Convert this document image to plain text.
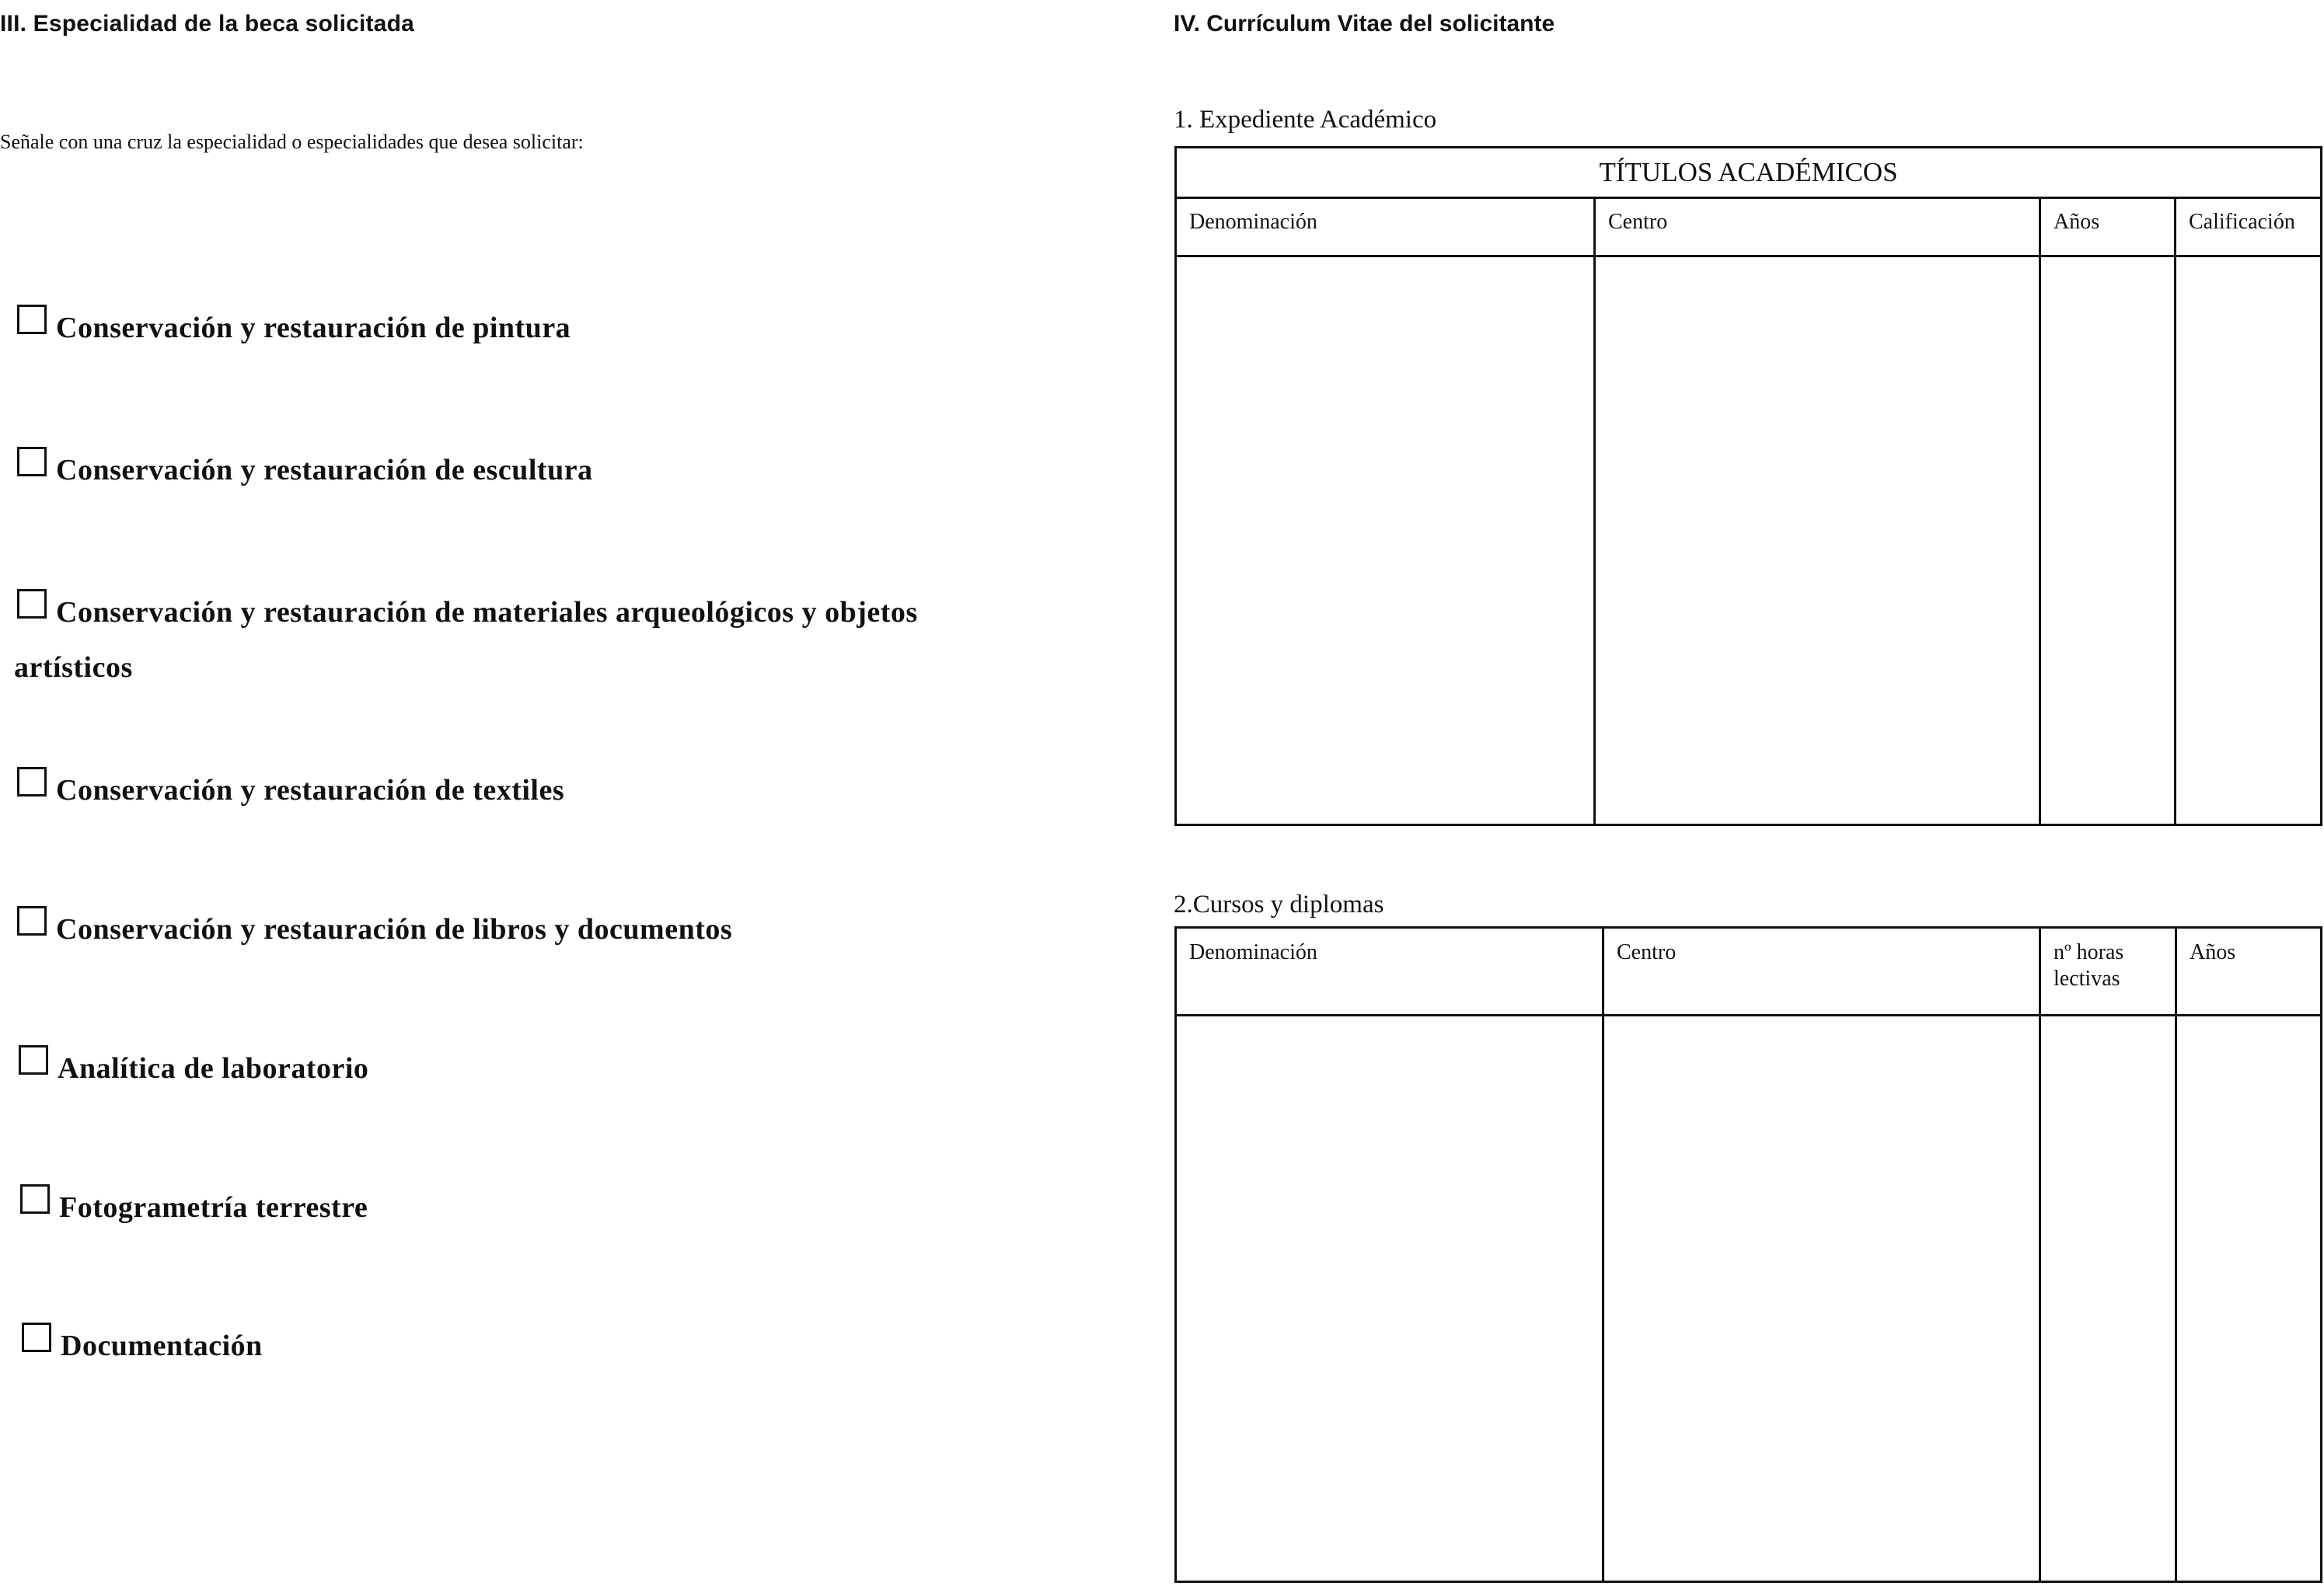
III. Especialidad de la beca solicitada
Señale con una cruz la especialidad o especialidades que desea solicitar:
Conservación y restauración de pintura
Conservación y restauración de escultura
Conservación y restauración de materiales arqueológicos y objetos
artísticos
Conservación y restauración de textiles
Conservación y restauración de libros y documentos
Analítica de laboratorio
Fotogrametría terrestre
Documentación
IV. Currículum Vitae del solicitante
1. Expediente Académico
TÍTULOS ACADÉMICOS			
Denominación	Centro	Años	Calificación

2.Cursos y diplomas
Denominación	Centro	nº horas lectivas	Años
